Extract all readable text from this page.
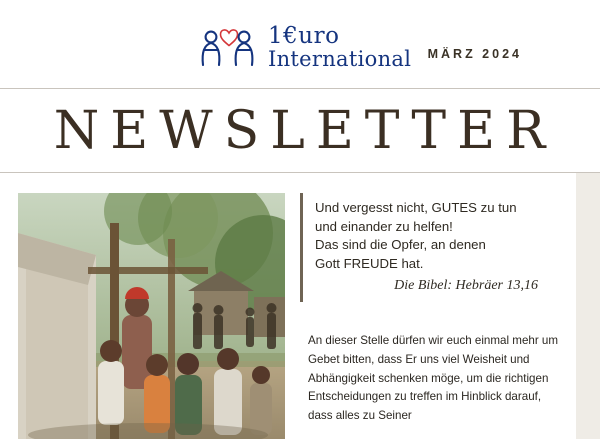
1€uro
International MÄRZ 2024
NEWSLETTER
Und vergesst nicht, GUTES zu tun
und einander zu helfen!
Das sind die Opfer, an denen
Gott FREUDE hat.
Die Bibel: Hebräer 13,16
An dieser Stelle dürfen wir euch einmal mehr um Gebet bitten, dass Er uns viel Weisheit und Abhängigkeit schenken möge, um die richtigen Entscheidungen zu treffen im Hinblick darauf, dass alles zu Seiner
